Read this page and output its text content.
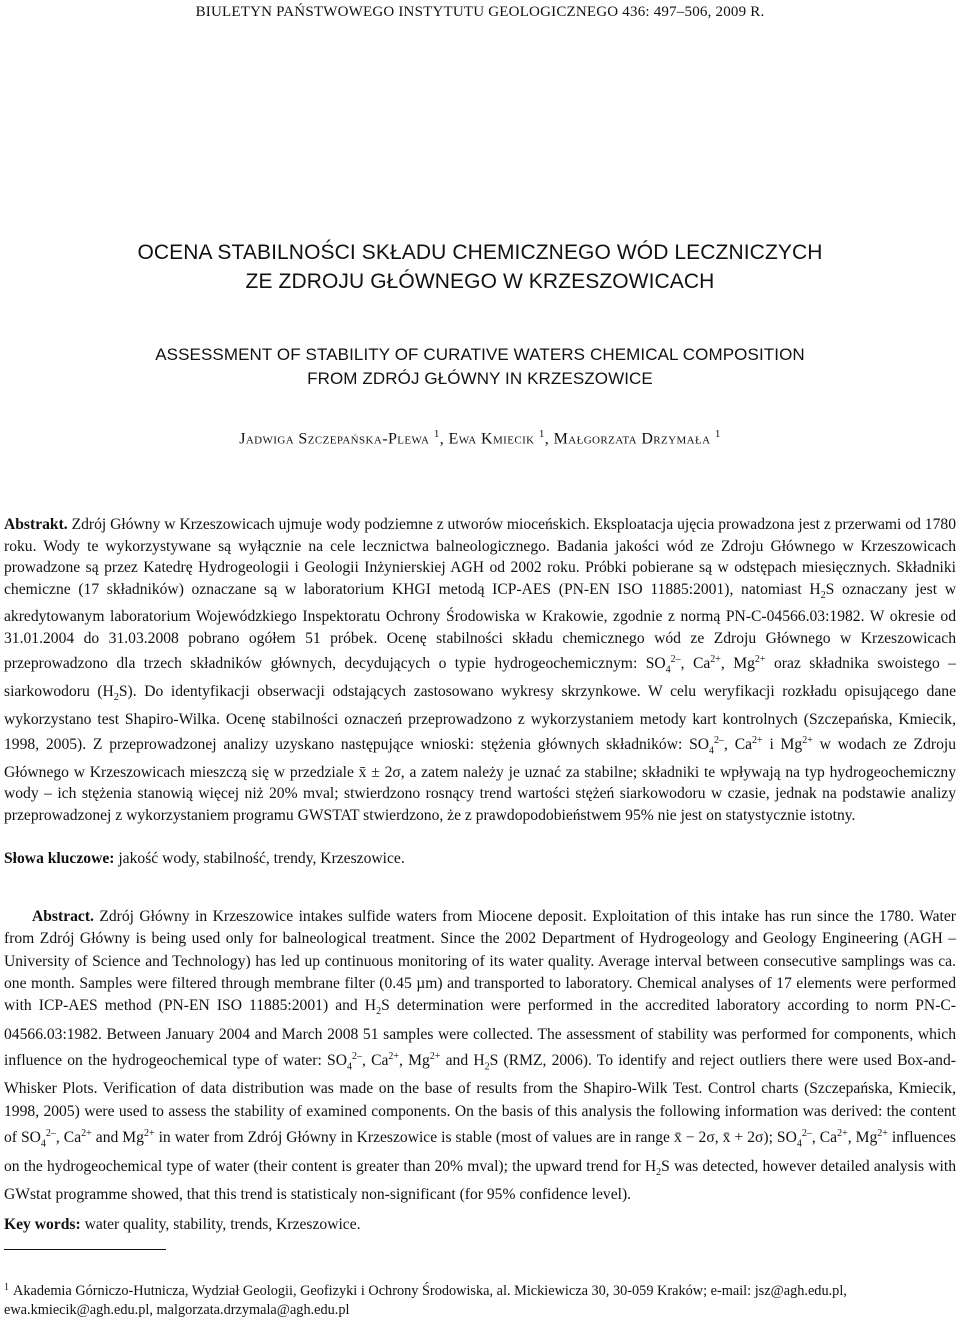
BIULETYN PAŃSTWOWEGO INSTYTUTU GEOLOGICZNEGO 436: 497–506, 2009 R.
OCENA STABILNOŚCI SKŁADU CHEMICZNEGO WÓD LECZNICZYCH
ZE ZDROJU GŁÓWNEGO W KRZESZOWICACH
ASSESSMENT OF STABILITY OF CURATIVE WATERS CHEMICAL COMPOSITION
FROM ZDRÓJ GŁÓWNY IN KRZESZOWICE
Jadwiga Szczepańska-Plewa $^1$, Ewa Kmiecik $^1$, Małgorzata Drzymała $^1$

Abstrakt. Zdrój Główny w Krzeszowicach ujmuje wody podziemne z utworów mioceńskich. Eksploatacja ujęcia prowadzona jest z przerwami od 1780 roku. Wody te wykorzystywane są wyłącznie na cele lecznictwa balneologicznego. Badania jakości wód ze Zdroju Głównego w Krzeszowicach prowadzone są przez Katedrę Hydrogeologii i Geologii Inżynierskiej AGH od 2002 roku. Próbki pobierane są w odstępach miesięcznych. Składniki chemiczne (17 składników) oznaczane są w laboratorium KHGI metodą ICP-AES (PN-EN ISO 11885:2001), natomiast $H_2S$ oznaczany jest w akredytowanym laboratorium Wojewódzkiego Inspektoratu Ochrony Środowiska w Krakowie, zgodnie z normą PN-C-04566.03:1982. W okresie od 31.01.2004 do 31.03.2008 pobrano ogółem 51 próbek. Ocenę stabilności składu chemicznego wód ze Zdroju Głównego w Krzeszowicach przeprowadzono dla trzech składników głównych, decydujących o typie hydrogeochemicznym: $SO_4^{2-}$, $Ca^{2+}$, $Mg^{2+}$ oraz składnika swoistego – siarkowodoru $(H_2S)$. Do identyfikacji obserwacji odstających zastosowano wykresy skrzynkowe. W celu weryfikacji rozkładu opisującego dane wykorzystano test Shapiro-Wilka. Ocenę stabilności oznaczeń przeprowadzono z wykorzystaniem metody kart kontrolnych (Szczepańska, Kmiecik, 1998, 2005). Z przeprowadzonej analizy uzyskano następujące wnioski: stężenia głównych składników: $SO_4^{2-}$, $Ca^{2+}$ i $Mg^{2+}$ w wodach ze Zdroju Głównego w Krzeszowicach mieszczą się w przedziale x̄ ± 2σ, a zatem należy je uznać za stabilne; składniki te wpływają na typ hydrogeochemiczny wody – ich stężenia stanowią więcej niż 20% mval; stwierdzono rosnący trend wartości stężeń siarkowodoru w czasie, jednak na podstawie analizy przeprowadzonej z wykorzystaniem programu GWSTAT stwierdzono, że z prawdopodobieństwem 95% nie jest on statystycznie istotny.

Słowa kluczowe: jakość wody, stabilność, trendy, Krzeszowice.

Abstract. Zdrój Główny in Krzeszowice intakes sulfide waters from Miocene deposit. Exploitation of this intake has run since the 1780. Water from Zdrój Główny is being used only for balneological treatment. Since the 2002 Department of Hydrogeology and Geology Engineering (AGH – University of Science and Technology) has led up continuous monitoring of its water quality. Average interval between consecutive samplings was ca. one month. Samples were filtered through membrane filter (0.45 µm) and transported to laboratory. Chemical analyses of 17 elements were performed with ICP-AES method (PN-EN ISO 11885:2001) and $H_2S$ determination were performed in the accredited laboratory according to norm PN-C-04566.03:1982. Between January 2004 and March 2008 51 samples were collected. The assessment of stability was performed for components, which influence on the hydrogeochemical type of water: $SO_4^{2-}$, $Ca^{2+}$, $Mg^{2+}$ and $H_2S$ (RMZ, 2006). To identify and reject outliers there were used Box-and-Whisker Plots. Verification of data distribution was made on the base of results from the Shapiro-Wilk Test. Control charts (Szczepańska, Kmiecik, 1998, 2005) were used to assess the stability of examined components. On the basis of this analysis the following information was derived: the content of $SO_4^{2-}$, $Ca^{2+}$ and $Mg^{2+}$ in water from Zdrój Główny in Krzeszowice is stable (most of values are in range x̄ − 2σ, x̄ + 2σ); $SO_4^{2-}$, $Ca^{2+}$, $Mg^{2+}$ influences on the hydrogeochemical type of water (their content is greater than 20% mval); the upward trend for $H_2S$ was detected, however detailed analysis with GWstat programme showed, that this trend is statisticaly non-significant (for 95% confidence level).

Key words: water quality, stability, trends, Krzeszowice.

$^1$ Akademia Górniczo-Hutnicza, Wydział Geologii, Geofizyki i Ochrony Środowiska, al. Mickiewicza 30, 30-059 Kraków; e-mail: jsz@agh.edu.pl,
ewa.kmiecik@agh.edu.pl, malgorzata.drzymala@agh.edu.pl
